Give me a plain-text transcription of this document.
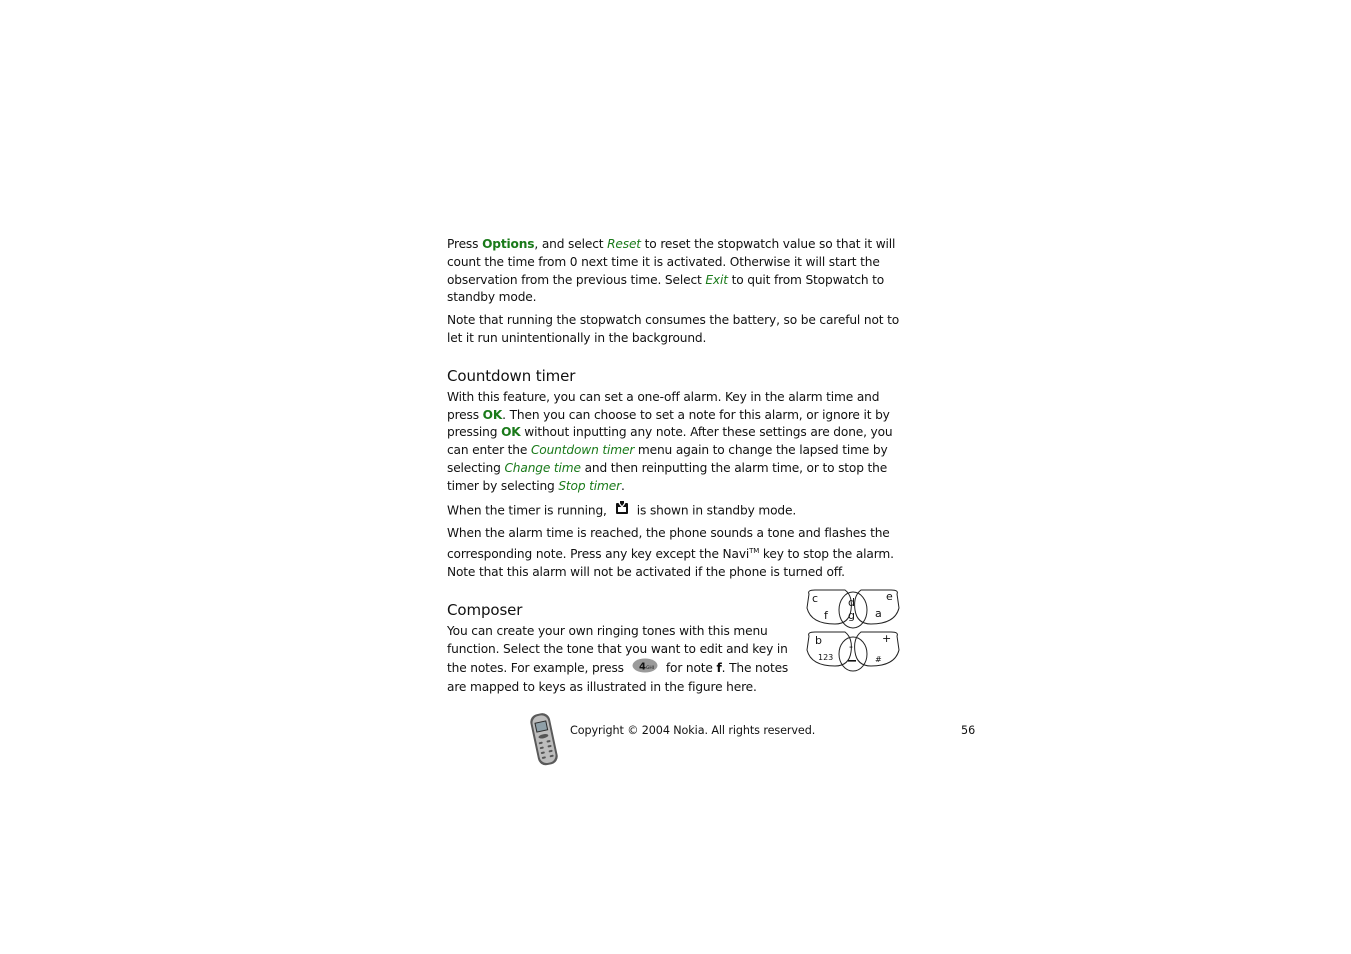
Press Options, and select Reset to reset the stopwatch value so that it will count the time from 0 next time it is activated. Otherwise it will start the observation from the previous time. Select Exit to quit from Stopwatch to standby mode.

Note that running the stopwatch consumes the battery, so be careful not to let it run unintentionally in the background.

Countdown timer

With this feature, you can set a one-off alarm. Key in the alarm time and press OK. Then you can choose to set a note for this alarm, or ignore it by pressing OK without inputting any note. After these settings are done, you can enter the Countdown timer menu again to change the lapsed time by selecting Change time and then reinputting the alarm time, or to stop the timer by selecting Stop timer.

When the timer is running, is shown in standby mode.

When the alarm time is reached, the phone sounds a tone and flashes the corresponding note. Press any key except the Navi™ key to stop the alarm. Note that this alarm will not be activated if the phone is turned off.

Composer

You can create your own ringing tones with this menu function. Select the tone that you want to edit and key in the notes. For example, press 4 GHI for note f. The notes are mapped to keys as illustrated in the figure here.

c	d	e
f g a
b	+
-
123	#
Copyright © 2004 Nokia. All rights reserved.	56
